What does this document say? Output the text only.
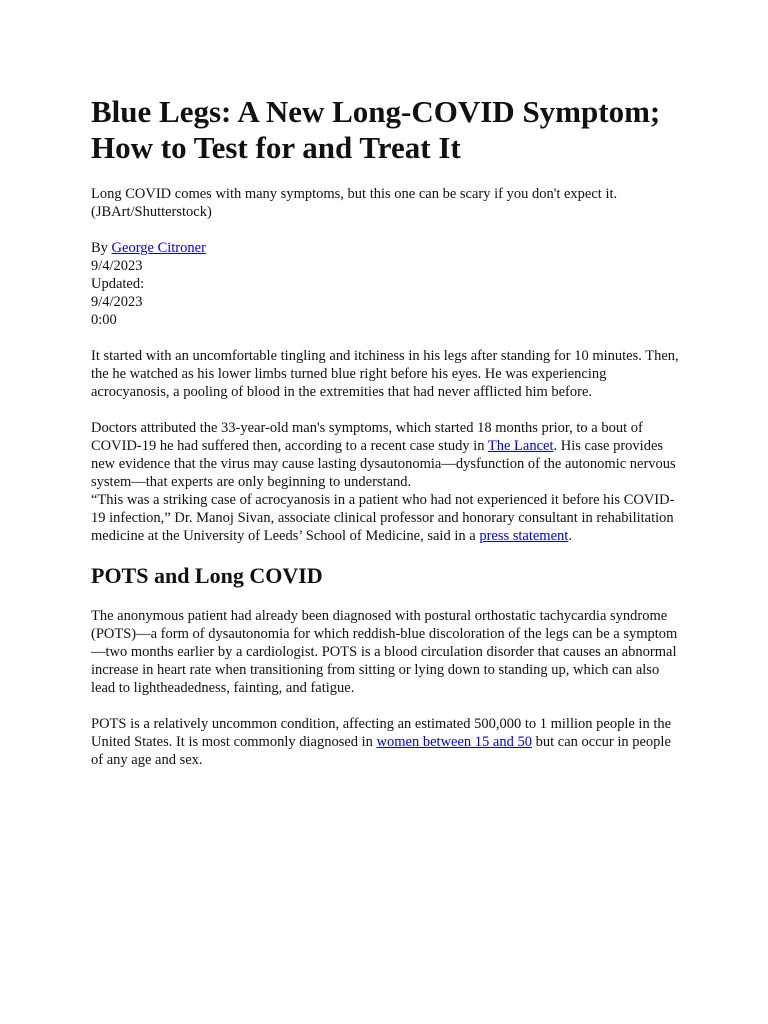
Blue Legs: A New Long-COVID Symptom; How to Test for and Treat It

Long COVID comes with many symptoms, but this one can be scary if you don't expect it.
(JBArt/Shutterstock)

By George Citroner
9/4/2023
Updated:
9/4/2023
0:00

It started with an uncomfortable tingling and itchiness in his legs after standing for 10 minutes. Then, the he watched as his lower limbs turned blue right before his eyes. He was experiencing acrocyanosis, a pooling of blood in the extremities that had never afflicted him before.

Doctors attributed the 33-year-old man's symptoms, which started 18 months prior, to a bout of COVID-19 he had suffered then, according to a recent case study in The Lancet. His case provides new evidence that the virus may cause lasting dysautonomia—dysfunction of the autonomic nervous system—that experts are only beginning to understand.

“This was a striking case of acrocyanosis in a patient who had not experienced it before his COVID-19 infection,” Dr. Manoj Sivan, associate clinical professor and honorary consultant in rehabilitation medicine at the University of Leeds’ School of Medicine, said in a press statement.

POTS and Long COVID

The anonymous patient had already been diagnosed with postural orthostatic tachycardia syndrome (POTS)—a form of dysautonomia for which reddish-blue discoloration of the legs can be a symptom—two months earlier by a cardiologist. POTS is a blood circulation disorder that causes an abnormal increase in heart rate when transitioning from sitting or lying down to standing up, which can also lead to lightheadedness, fainting, and fatigue.

POTS is a relatively uncommon condition, affecting an estimated 500,000 to 1 million people in the United States. It is most commonly diagnosed in women between 15 and 50 but can occur in people of any age and sex.
